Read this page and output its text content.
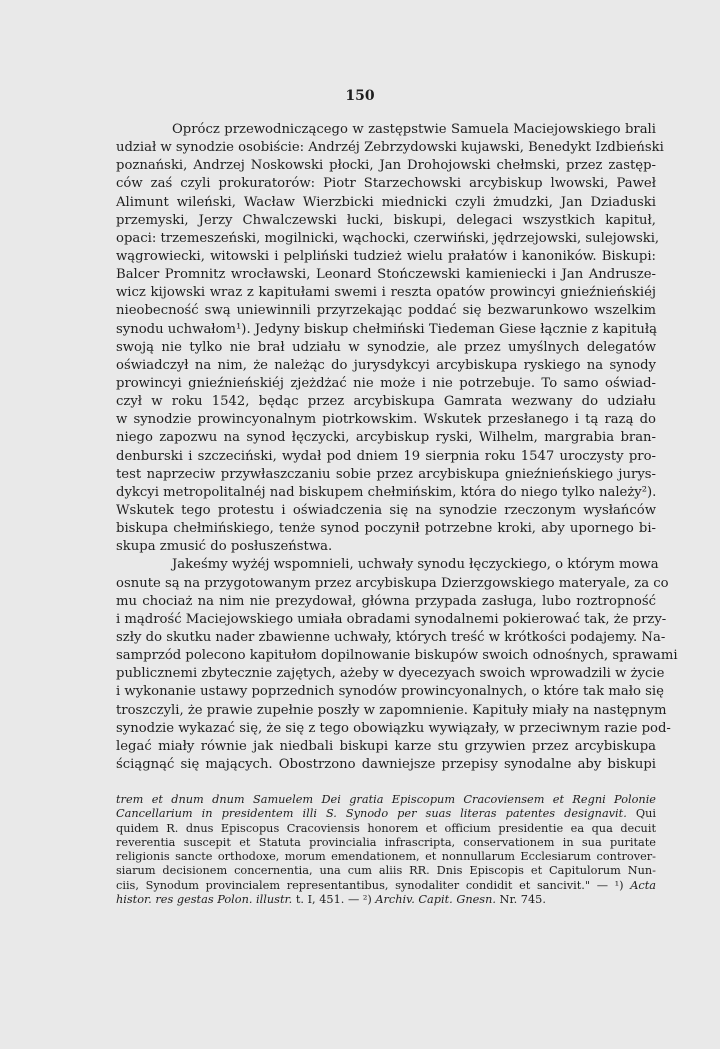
150
Oprócz przewodniczącego w zastępstwie Samuela Maciejowskiego brali
udział w synodzie osobiście: Andrzéj Zebrzydowski kujawski, Benedykt Izdbieński
poznański, Andrzej Noskowski płocki, Jan Drohojowski chełmski, przez zastęp-
ców zaś czyli prokuratorów: Piotr Starzechowski arcybiskup lwowski, Paweł
Alimunt wileński, Wacław Wierzbicki miednicki czyli żmudzki, Jan Dziaduski
przemyski, Jerzy Chwalczewski łucki, biskupi, delegaci wszystkich kapituł,
opaci: trzemeszeński, mogilnicki, wąchocki, czerwiński, jędrzejowski, sulejowski,
wągrowiecki, witowski i pelpliński tudzież wielu prałatów i kanoników. Biskupi:
Balcer Promnitz wrocławski, Leonard Stończewski kamieniecki i Jan Andrusze-
wicz kijowski wraz z kapitułami swemi i reszta opatów prowincyi gnieźnieńskiéj
nieobecność swą uniewinnili przyrzekając poddać się bezwarunkowo wszelkim
synodu uchwałom¹). Jedyny biskup chełmiński Tiedeman Giese łącznie z kapitułą
swoją nie tylko nie brał udziału w synodzie, ale przez umyślnych delegatów
oświadczył na nim, że należąc do jurysdykcyi arcybiskupa ryskiego na synody
prowincyi gnieźnieńskiéj zjeżdżać nie może i nie potrzebuje. To samo oświad-
czył w roku 1542, będąc przez arcybiskupa Gamrata wezwany do udziału
w synodzie prowincyonalnym piotrkowskim. Wskutek przesłanego i tą razą do
niego zapozwu na synod łęczycki, arcybiskup ryski, Wilhelm, margrabia bran-
denburski i szczeciński, wydał pod dniem 19 sierpnia roku 1547 uroczysty pro-
test naprzeciw przywłaszczaniu sobie przez arcybiskupa gnieźnieńskiego jurys-
dykcyi metropolitalnéj nad biskupem chełmińskim, która do niego tylko należy²).
Wskutek tego protestu i oświadczenia się na synodzie rzeczonym wysłańców
biskupa chełmińskiego, tenże synod poczynił potrzebne kroki, aby upornego bi-
skupa zmusić do posłuszeństwa.
Jakeśmy wyżéj wspomnieli, uchwały synodu łęczyckiego, o którym mowa
osnute są na przygotowanym przez arcybiskupa Dzierzgowskiego materyale, za co
mu chociaż na nim nie prezydował, główna przypada zasługa, lubo roztropność
i mądrość Maciejowskiego umiała obradami synodalnemi pokierować tak, że przy-
szły do skutku nader zbawienne uchwały, których treść w krótkości podajemy. Na-
samprzód polecono kapitułom dopilnowanie biskupów swoich odnośnych, sprawami
publicznemi zbytecznie zajętych, ażeby w dyecezyach swoich wprowadzili w życie
i wykonanie ustawy poprzednich synodów prowincyonalnych, o które tak mało się
troszczyli, że prawie zupełnie poszły w zapomnienie. Kapituły miały na następnym
synodzie wykazać się, że się z tego obowiązku wywiązały, w przeciwnym razie pod-
legać miały równie jak niedbali biskupi karze stu grzywien przez arcybiskupa
ściągnąć się mających. Obostrzono dawniejsze przepisy synodalne aby biskupi
trem et dnum dnum Samuelem Dei gratia Episcopum Cracoviensem et Regni Polonie
Cancellarium in presidentem illi S. Synodo per suas literas patentes designavit. Qui
quidem R. dnus Episcopus Cracoviensis honorem et officium presidentie ea qua decuit
reverentia suscepit et Statuta provincialia infrascripta, conservationem in sua puritate
religionis sancte orthodoxe, morum emendationem, et nonnullarum Ecclesiarum controver-
siarum decisionem concernentia, una cum aliis RR. Dnis Episcopis et Capitulorum Nun-
ciis, Synodum provincialem representantibus, synodaliter condidit et sancivit." — ¹) Acta
histor. res gestas Polon. illustr. t. I, 451. — ²) Archiv. Capit. Gnesn. Nr. 745.
